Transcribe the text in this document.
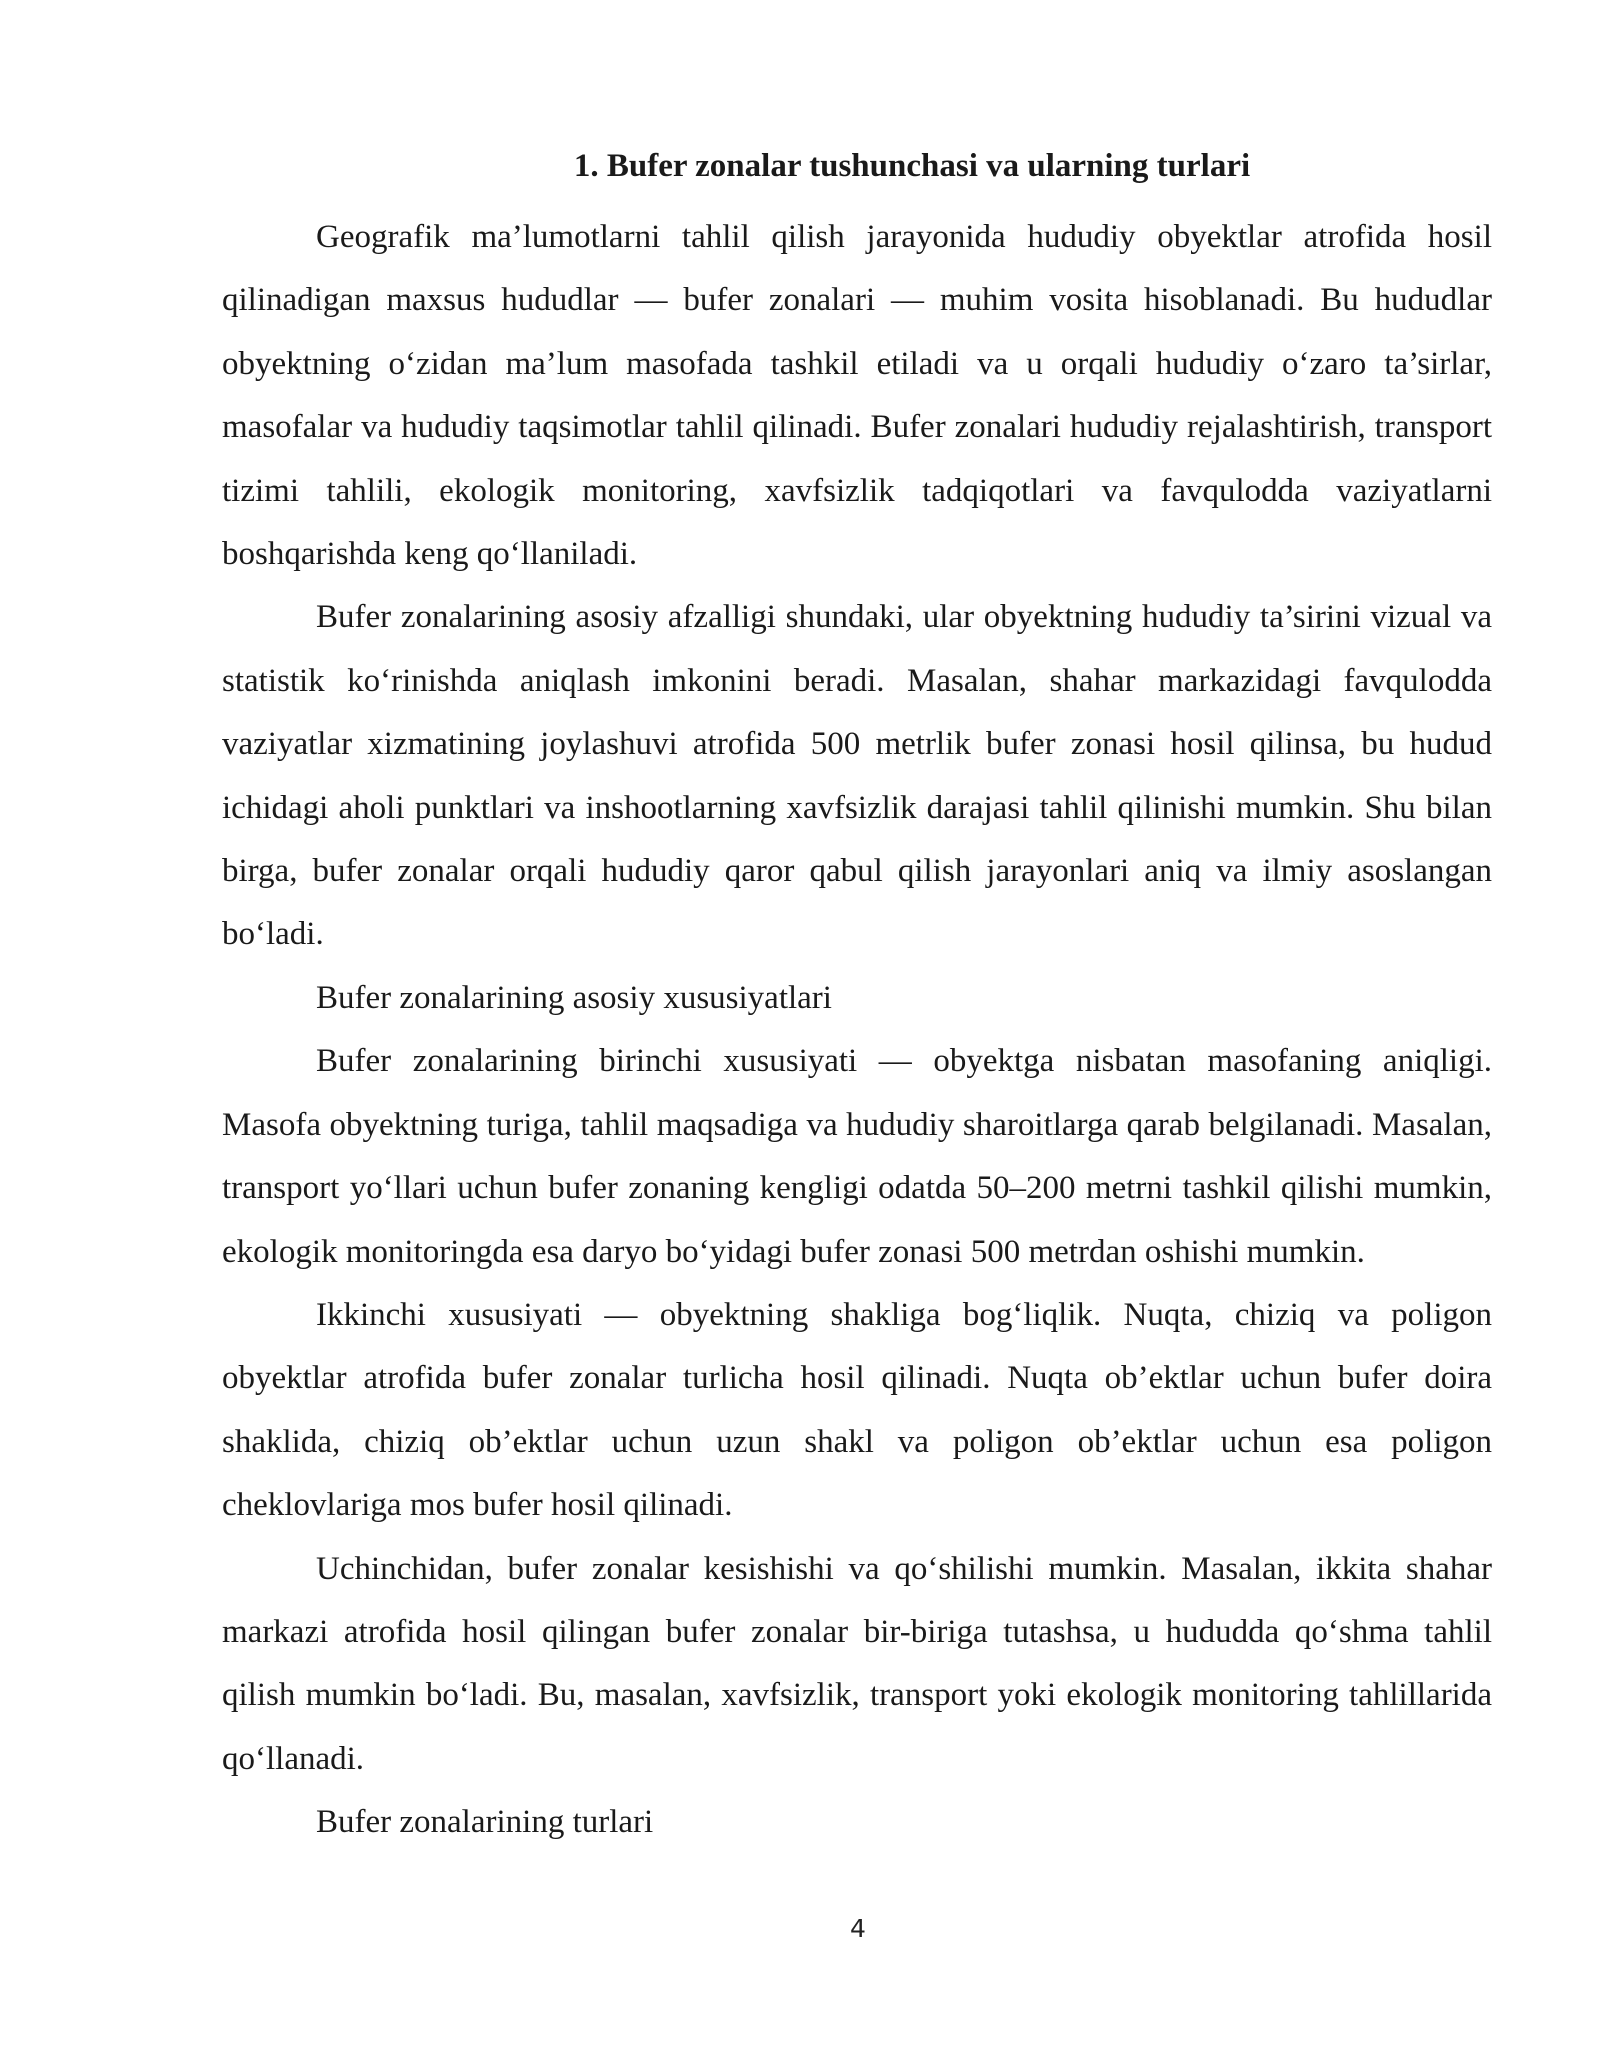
1. Bufer zonalar tushunchasi va ularning turlari

Geografik ma’lumotlarni tahlil qilish jarayonida hududiy obyektlar atrofida hosil qilinadigan maxsus hududlar — bufer zonalari — muhim vosita hisoblanadi. Bu hududlar obyektning o‘zidan ma’lum masofada tashkil etiladi va u orqali hududiy o‘zaro ta’sirlar, masofalar va hududiy taqsimotlar tahlil qilinadi. Bufer zonalari hududiy rejalashtirish, transport tizimi tahlili, ekologik monitoring, xavfsizlik tadqiqotlari va favqulodda vaziyatlarni boshqarishda keng qo‘llaniladi.

Bufer zonalarining asosiy afzalligi shundaki, ular obyektning hududiy ta’sirini vizual va statistik ko‘rinishda aniqlash imkonini beradi. Masalan, shahar markazidagi favqulodda vaziyatlar xizmatining joylashuvi atrofida 500 metrlik bufer zonasi hosil qilinsa, bu hudud ichidagi aholi punktlari va inshootlarning xavfsizlik darajasi tahlil qilinishi mumkin. Shu bilan birga, bufer zonalar orqali hududiy qaror qabul qilish jarayonlari aniq va ilmiy asoslangan bo‘ladi.

Bufer zonalarining asosiy xususiyatlari

Bufer zonalarining birinchi xususiyati — obyektga nisbatan masofaning aniqligi. Masofa obyektning turiga, tahlil maqsadiga va hududiy sharoitlarga qarab belgilanadi. Masalan, transport yo‘llari uchun bufer zonaning kengligi odatda 50–200 metrni tashkil qilishi mumkin, ekologik monitoringda esa daryo bo‘yidagi bufer zonasi 500 metrdan oshishi mumkin.

Ikkinchi xususiyati — obyektning shakliga bog‘liqlik. Nuqta, chiziq va poligon obyektlar atrofida bufer zonalar turlicha hosil qilinadi. Nuqta ob’ektlar uchun bufer doira shaklida, chiziq ob’ektlar uchun uzun shakl va poligon ob’ektlar uchun esa poligon cheklovlariga mos bufer hosil qilinadi.

Uchinchidan, bufer zonalar kesishishi va qo‘shilishi mumkin. Masalan, ikkita shahar markazi atrofida hosil qilingan bufer zonalar bir-biriga tutashsa, u hududda qo‘shma tahlil qilish mumkin bo‘ladi. Bu, masalan, xavfsizlik, transport yoki ekologik monitoring tahlillarida qo‘llanadi.

Bufer zonalarining turlari

4
